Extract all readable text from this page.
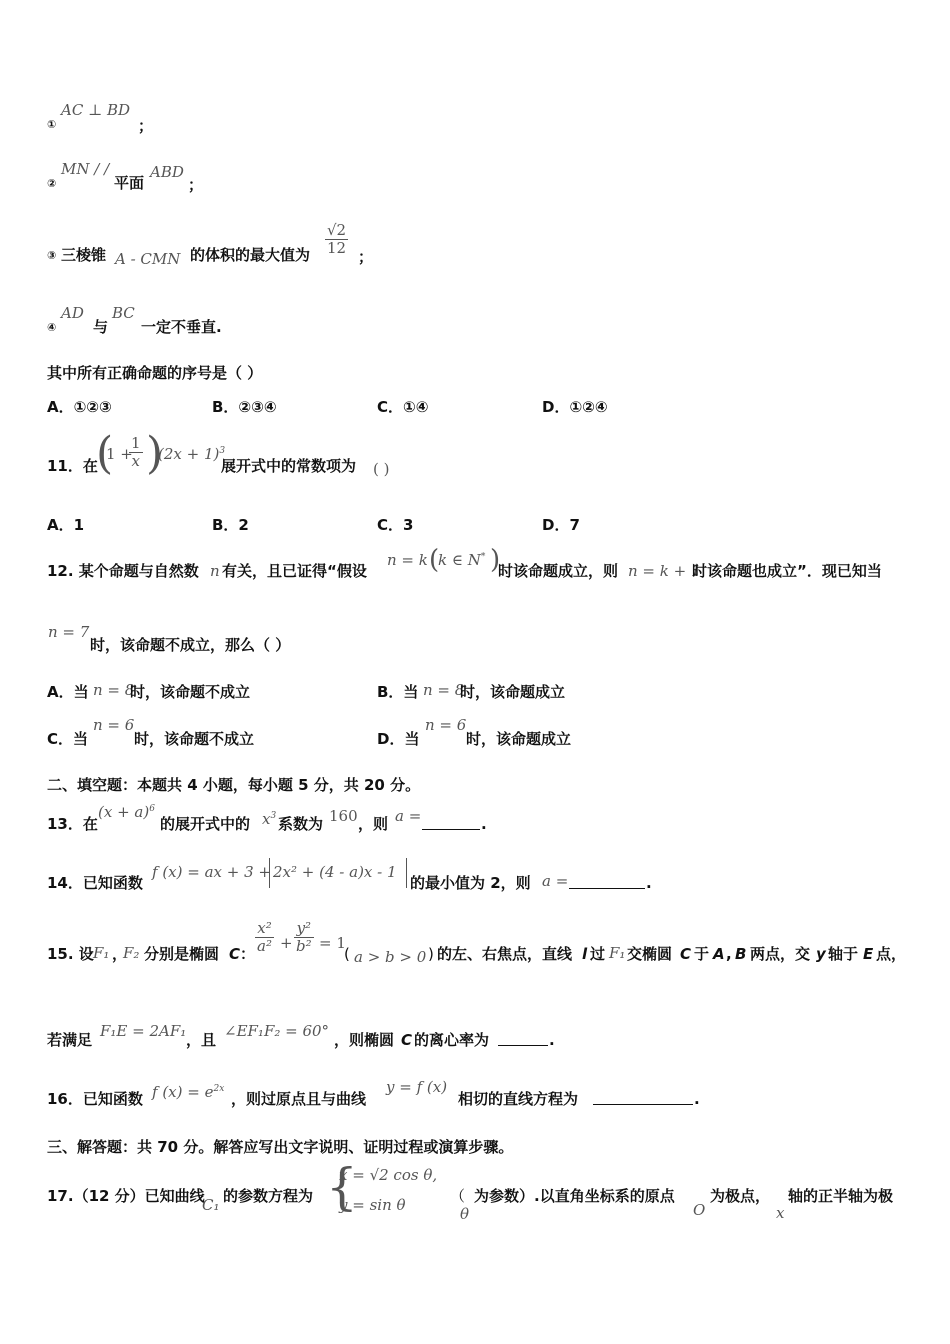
①
AC ⊥ BD
；
②
MN / /
平面
ABD
；
③ 三棱锥 A - CMN 的体积的最大值为 $\frac{√2}{12}$
；
④
AD
与
BC
一定不垂直.
其中所有正确命题的序号是（ ）
A．①②③	B．②③④	C．①④	D．①②④
11．在
(
1 +
$\frac{1}{x}$ )
$(2x + 1)^3$
展开式中的常数项为 ( )
A．1	B．2	C．3	D．7
12. 某个命题与自然数 n 有关，且已证得“假设
n = k (
k ∈ N* )
时该命题成立，则 n = k + 1
时该命题也成立”．现已知当
n = 7
时，该命题不成立，那么（ ）
A．当 n = 8
时，该命题不成立	B．当 n = 8
时，该命题成立
C．当
n = 6
时，该命题不成立	D．当
n = 6
时，该命题成立
二、填空题：本题共 4 小题，每小题 5 分，共 20 分。
13．在
$(x + a)^6$
的展开式中的 $x^3$ 系数为 160 ，则 a =	.
14．已知函数
f (x) = ax + 3 + 2x² + (4 - a)x - 1
的最小值为 2，则 a =	.
15. 设 F₁ ，
F₂ 分别是椭圆 C ： $\frac{\text{x²}}{\text{a²}} + \frac{\text{y²}}{\text{b²}} = 1$
( a > b > 0 ) 的左、右焦点，直线 l 过 F₁ 交椭圆 C 于 A , B 两点，交 y 轴于 E 点，
若满足 F₁E = 2AF₁ ，且 ∠EF₁F₂ = 60° ，则椭圆 C 的离心率为	.
16．已知函数 f $(x) = e^{2x}$
，则过原点且与曲线
y = f (x)
相切的直线方程为	.
三、解答题：共 70 分。解答应写出文字说明、证明过程或演算步骤。
17.（12 分）已知曲线
C₁ 的参数方程为 {
x = √2 cos θ,
y = sin θ	（
θ
为参数）.以直角坐标系的原点
O
为极点，
x
轴的正半轴为极
